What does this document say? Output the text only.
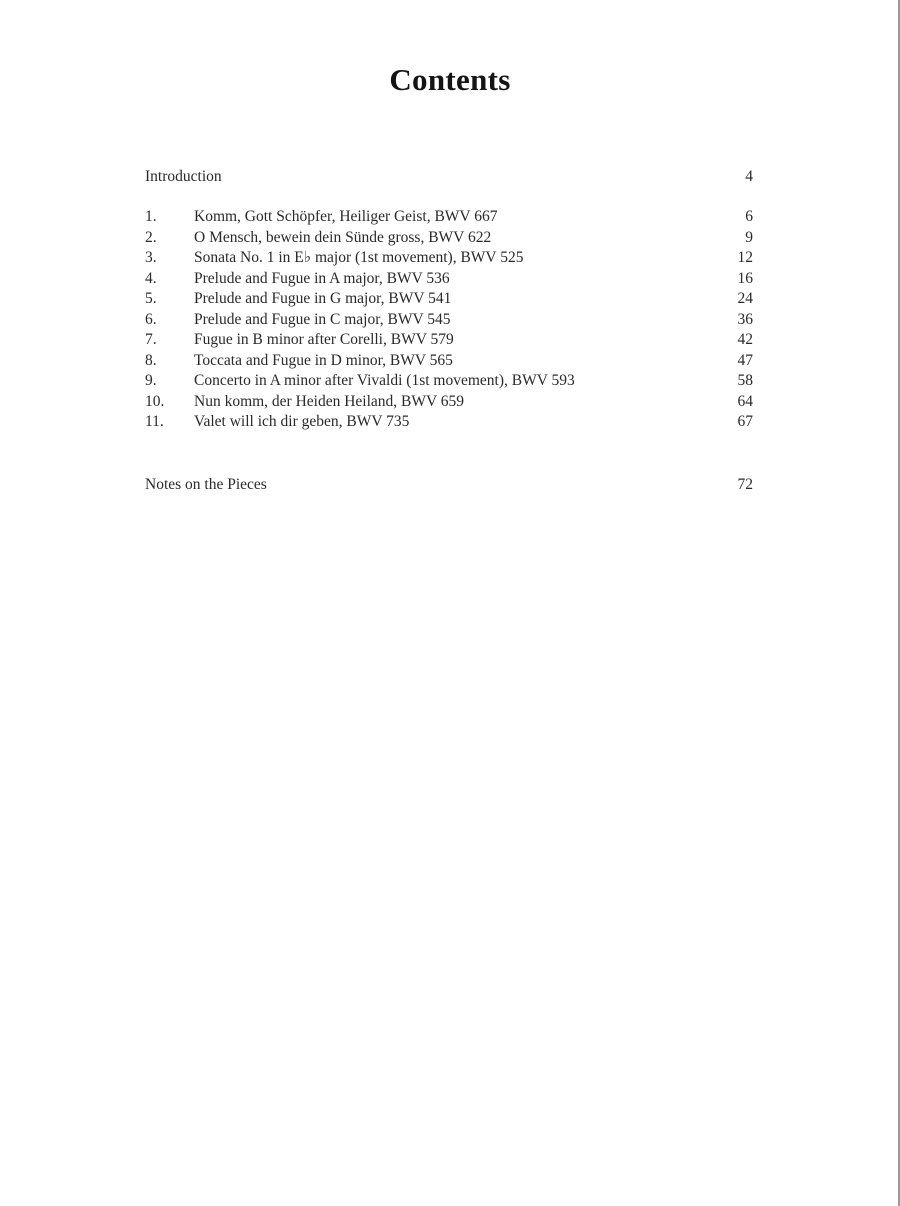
Contents
Introduction	4
1.	Komm, Gott Schöpfer, Heiliger Geist, BWV 667	6
2.	O Mensch, bewein dein Sünde gross, BWV 622	9
3.	Sonata No. 1 in E♭ major (1st movement), BWV 525	12
4.	Prelude and Fugue in A major, BWV 536	16
5.	Prelude and Fugue in G major, BWV 541	24
6.	Prelude and Fugue in C major, BWV 545	36
7.	Fugue in B minor after Corelli, BWV 579	42
8.	Toccata and Fugue in D minor, BWV 565	47
9.	Concerto in A minor after Vivaldi (1st movement), BWV 593	58
10.	Nun komm, der Heiden Heiland, BWV 659	64
11.	Valet will ich dir geben, BWV 735	67
Notes on the Pieces	72
